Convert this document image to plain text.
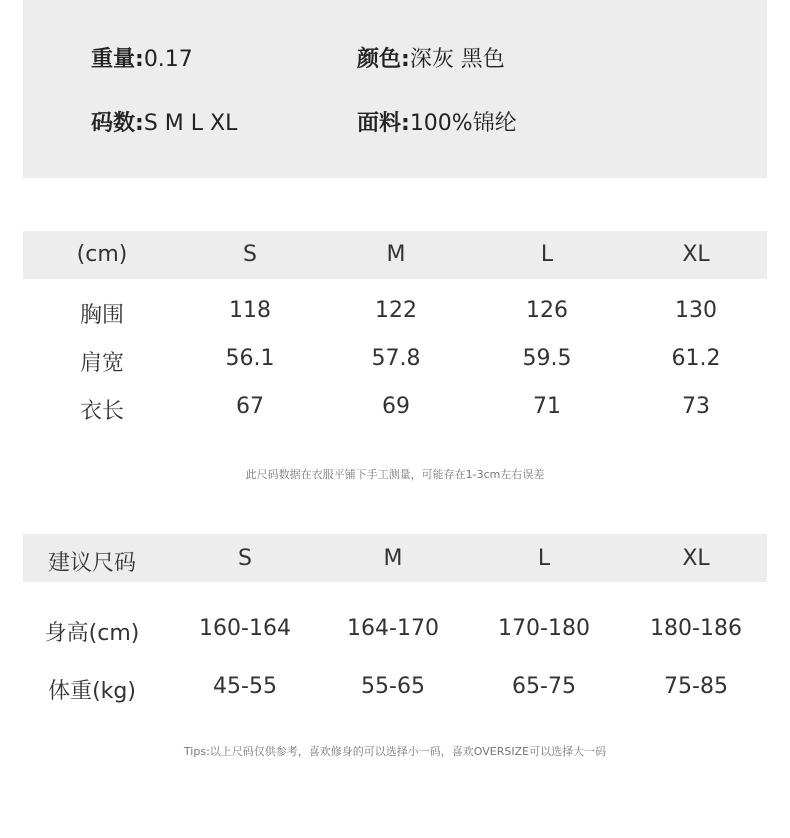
重量:0.17	颜色:深灰 黑色
码数:S M L XL	面料:100%锦纶
(cm)	S	M	L	XL
胸围	118	122	126	130
肩宽	56.1	57.8	59.5	61.2
衣长	67	69	71	73
此尺码数据在衣服平铺下手工测量，可能存在1-3cm左右误差
建议尺码	S	M	L	XL
身高(cm)	160-164	164-170	170-180	180-186
体重(kg)	45-55	55-65	65-75	75-85
Tips:以上尺码仅供参考，喜欢修身的可以选择小一码，喜欢OVERSIZE可以选择大一码
